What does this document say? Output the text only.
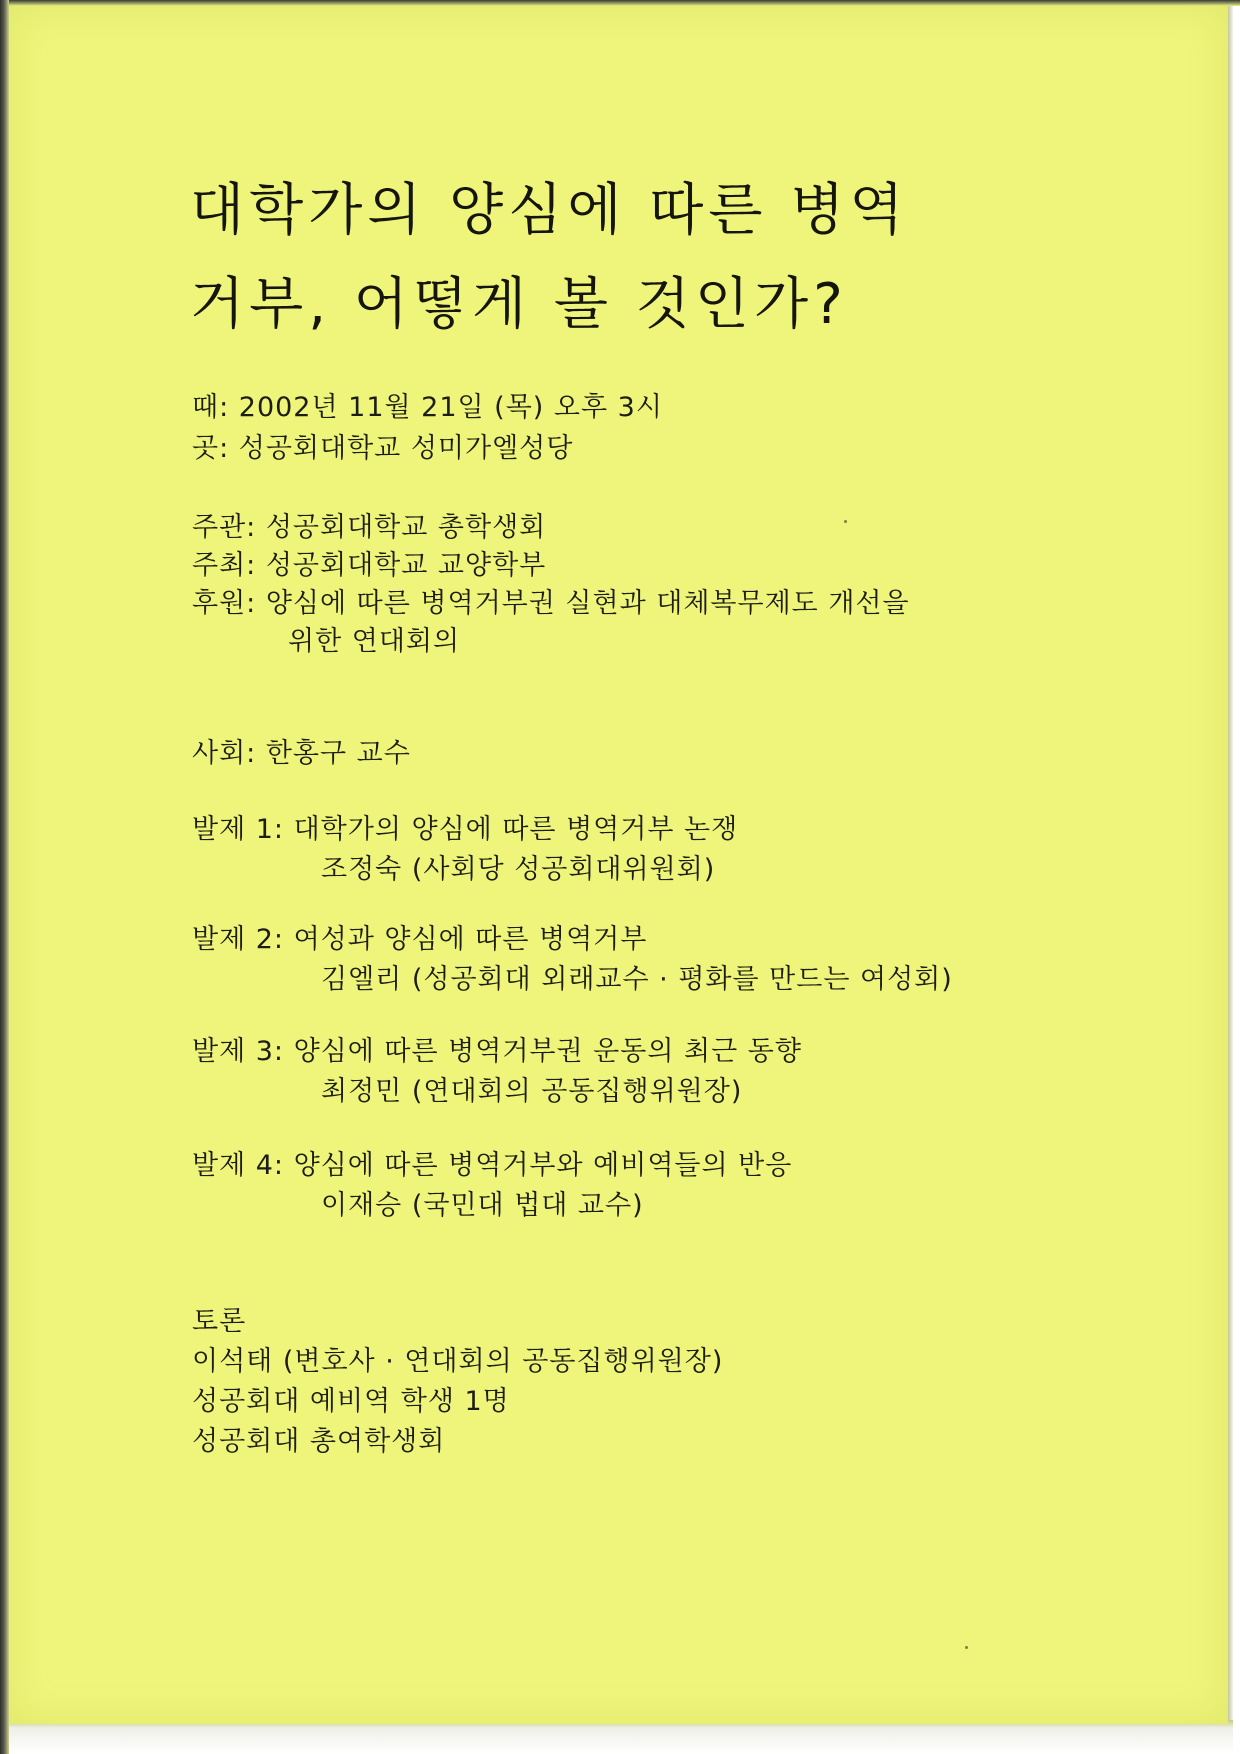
대학가의 양심에 따른 병역
거부, 어떻게 볼 것인가?
때: 2002년 11월 21일 (목) 오후 3시
곳: 성공회대학교 성미가엘성당
주관: 성공회대학교 총학생회
주최: 성공회대학교 교양학부
후원: 양심에 따른 병역거부권 실현과 대체복무제도 개선을
위한 연대회의
사회: 한홍구 교수
발제 1: 대학가의 양심에 따른 병역거부 논쟁
조정숙 (사회당 성공회대위원회)
발제 2: 여성과 양심에 따른 병역거부
김엘리 (성공회대 외래교수 · 평화를 만드는 여성회)
발제 3: 양심에 따른 병역거부권 운동의 최근 동향
최정민 (연대회의 공동집행위원장)
발제 4: 양심에 따른 병역거부와 예비역들의 반응
이재승 (국민대 법대 교수)
토론
이석태 (변호사 · 연대회의 공동집행위원장)
성공회대 예비역 학생 1명
성공회대 총여학생회
